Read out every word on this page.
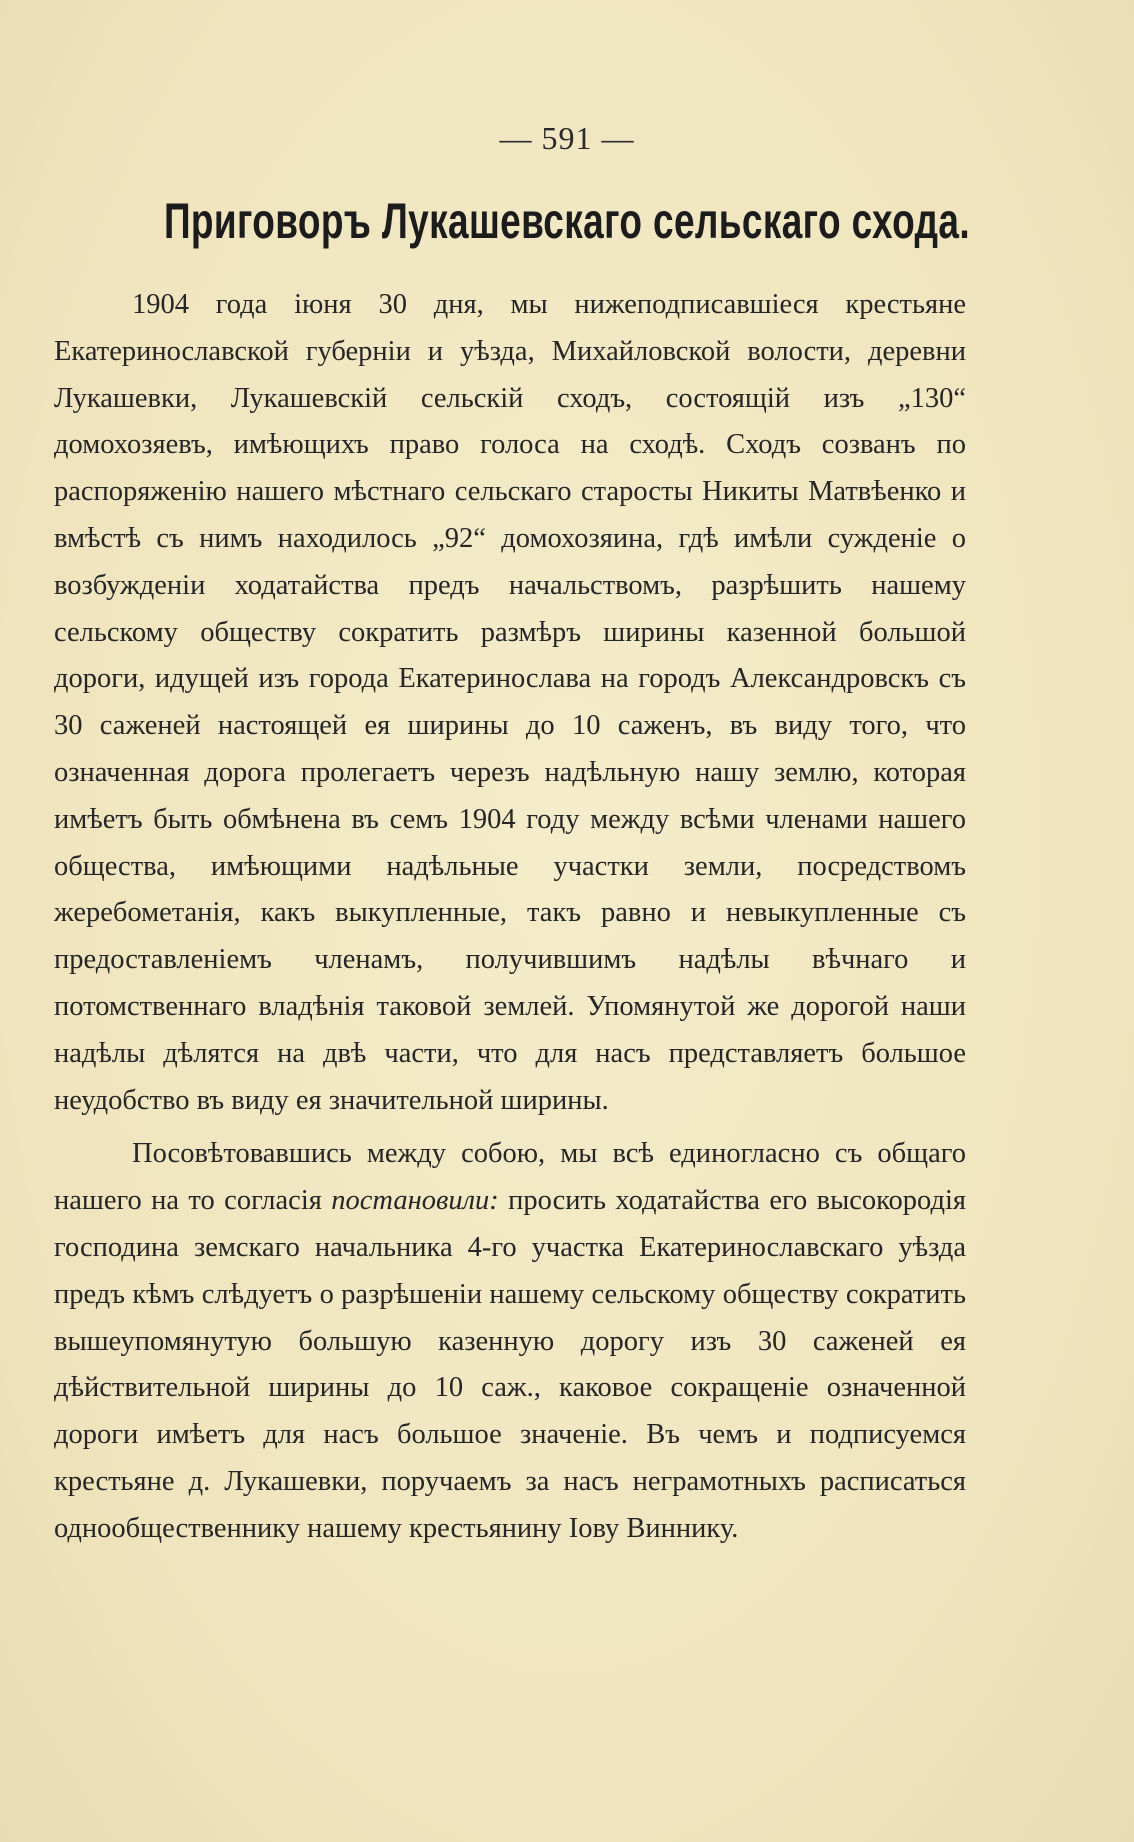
— 591 —
Приговоръ Лукашевскаго сельскаго схода.

1904 года іюня 30 дня, мы нижеподписавшіеся крестьяне Екатеринославской губерніи и уѣзда, Михайловской волости, деревни Лукашевки, Лукашевскій сельскій сходъ, состоящій изъ „130“ домохозяевъ, имѣющихъ право голоса на сходѣ. Сходъ созванъ по распоряженію нашего мѣстнаго сельскаго старосты Никиты Матвѣенко и вмѣстѣ съ нимъ находилось „92“ домохозяина, гдѣ имѣли сужденіе о возбужденіи ходатайства предъ начальствомъ, разрѣшить нашему сельскому обществу сократить размѣръ ширины казенной большой дороги, идущей изъ города Екатеринослава на городъ Александровскъ съ 30 саженей настоящей ея ширины до 10 саженъ, въ виду того, что означенная дорога пролегаетъ черезъ надѣльную нашу землю, которая имѣетъ быть обмѣнена въ семъ 1904 году между всѣми членами нашего общества, имѣющими надѣльные участки земли, посредствомъ жеребометанія, какъ выкупленные, такъ равно и невыкупленные съ предоставленіемъ членамъ, получившимъ надѣлы вѣчнаго и потомственнаго владѣнія таковой землей. Упомянутой же дорогой наши надѣлы дѣлятся на двѣ части, что для насъ представляетъ большое неудобство въ виду ея значительной ширины.

Посовѣтовавшись между собою, мы всѣ единогласно съ общаго нашего на то согласія постановили: просить ходатайства его высокородія господина земскаго начальника 4-го участка Екатеринославскаго уѣзда предъ кѣмъ слѣдуетъ о разрѣшеніи нашему сельскому обществу сократить вышеупомянутую большую казенную дорогу изъ 30 саженей ея дѣйствительной ширины до 10 саж., каковое сокращеніе означенной дороги имѣетъ для насъ большое значеніе. Въ чемъ и подписуемся крестьяне д. Лукашевки, поручаемъ за насъ неграмотныхъ расписаться однообщественнику нашему крестьянину Іову Виннику.
